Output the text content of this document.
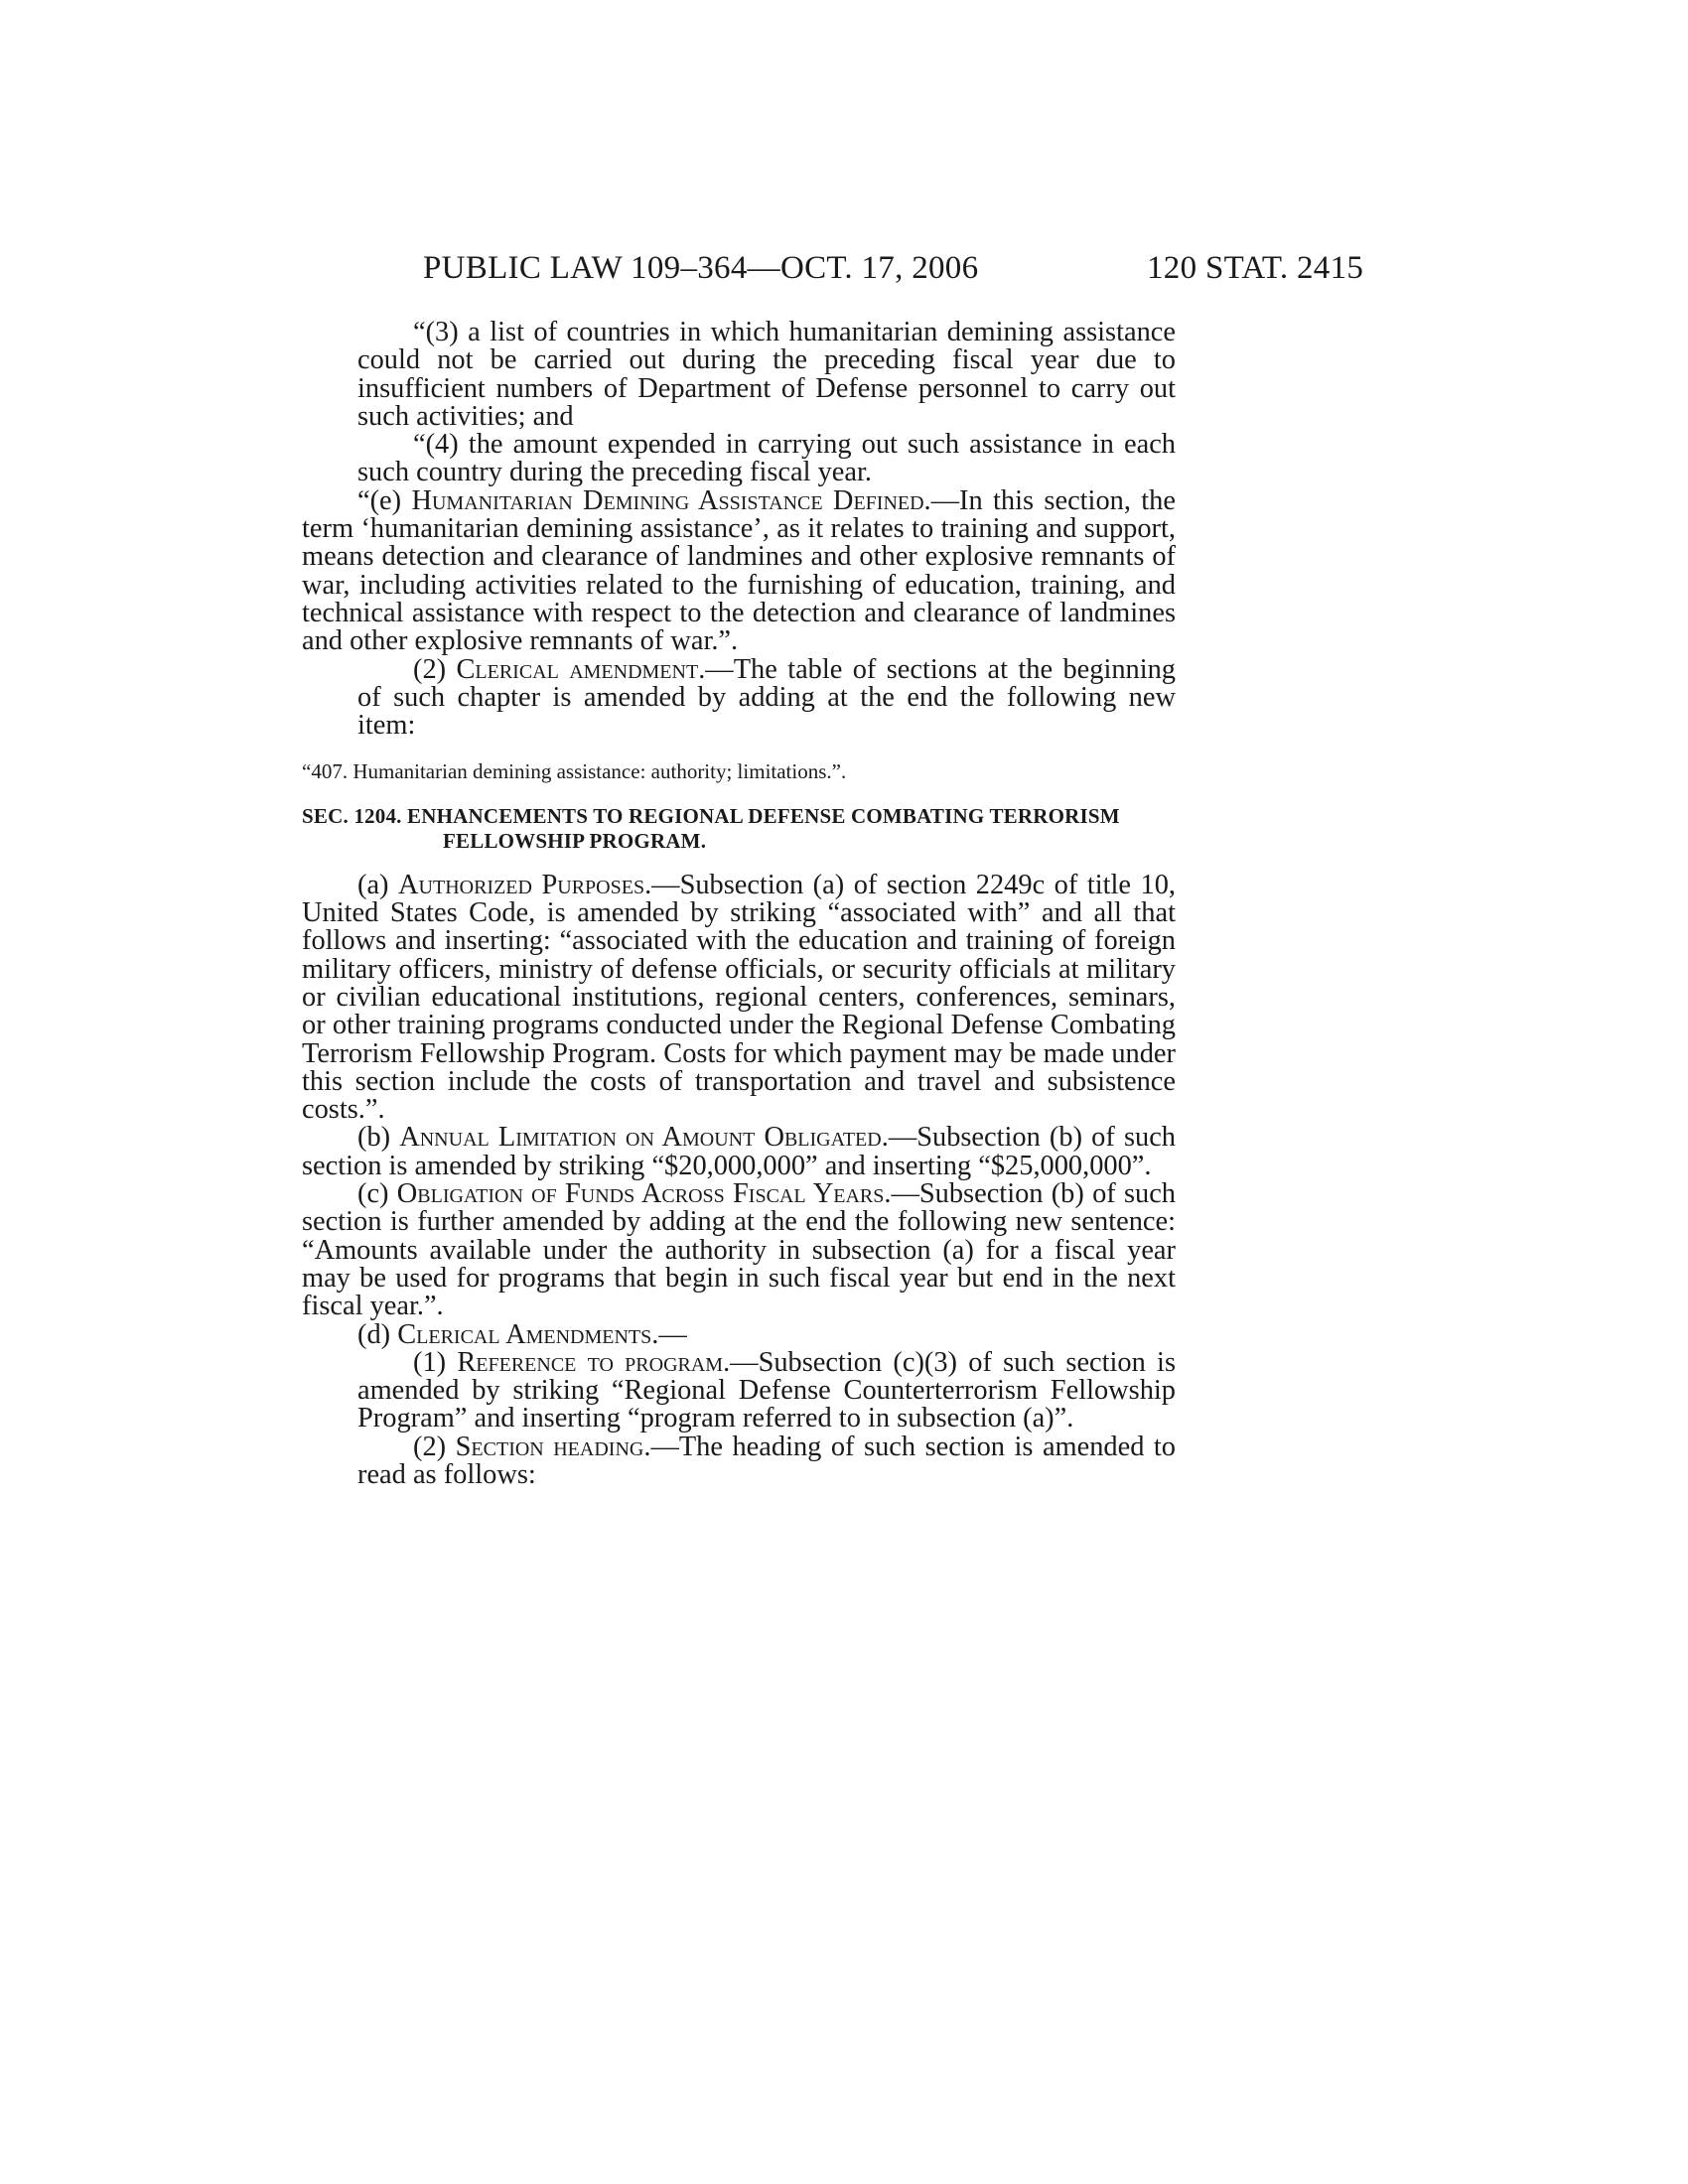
PUBLIC LAW 109–364—OCT. 17, 2006	120 STAT. 2415

“(3) a list of countries in which humanitarian demining assistance could not be carried out during the preceding fiscal year due to insufficient numbers of Department of Defense personnel to carry out such activities; and

“(4) the amount expended in carrying out such assistance in each such country during the preceding fiscal year.

“(e) Humanitarian Demining Assistance Defined.—In this section, the term ‘humanitarian demining assistance’, as it relates to training and support, means detection and clearance of landmines and other explosive remnants of war, including activities related to the furnishing of education, training, and technical assistance with respect to the detection and clearance of landmines and other explosive remnants of war.”.

(2) Clerical amendment.—The table of sections at the beginning of such chapter is amended by adding at the end the following new item:

“407. Humanitarian demining assistance: authority; limitations.”.

SEC. 1204. ENHANCEMENTS TO REGIONAL DEFENSE COMBATING TERRORISM FELLOWSHIP PROGRAM.

(a) Authorized Purposes.—Subsection (a) of section 2249c of title 10, United States Code, is amended by striking “associated with” and all that follows and inserting: “associated with the education and training of foreign military officers, ministry of defense officials, or security officials at military or civilian educational institutions, regional centers, conferences, seminars, or other training programs conducted under the Regional Defense Combating Terrorism Fellowship Program. Costs for which payment may be made under this section include the costs of transportation and travel and subsistence costs.”.

(b) Annual Limitation on Amount Obligated.—Subsection (b) of such section is amended by striking “$20,000,000” and inserting “$25,000,000”.

(c) Obligation of Funds Across Fiscal Years.—Subsection (b) of such section is further amended by adding at the end the following new sentence: “Amounts available under the authority in subsection (a) for a fiscal year may be used for programs that begin in such fiscal year but end in the next fiscal year.”.

(d) Clerical Amendments.—

(1) Reference to program.—Subsection (c)(3) of such section is amended by striking “Regional Defense Counterterrorism Fellowship Program” and inserting “program referred to in subsection (a)”.

(2) Section heading.—The heading of such section is amended to read as follows:
